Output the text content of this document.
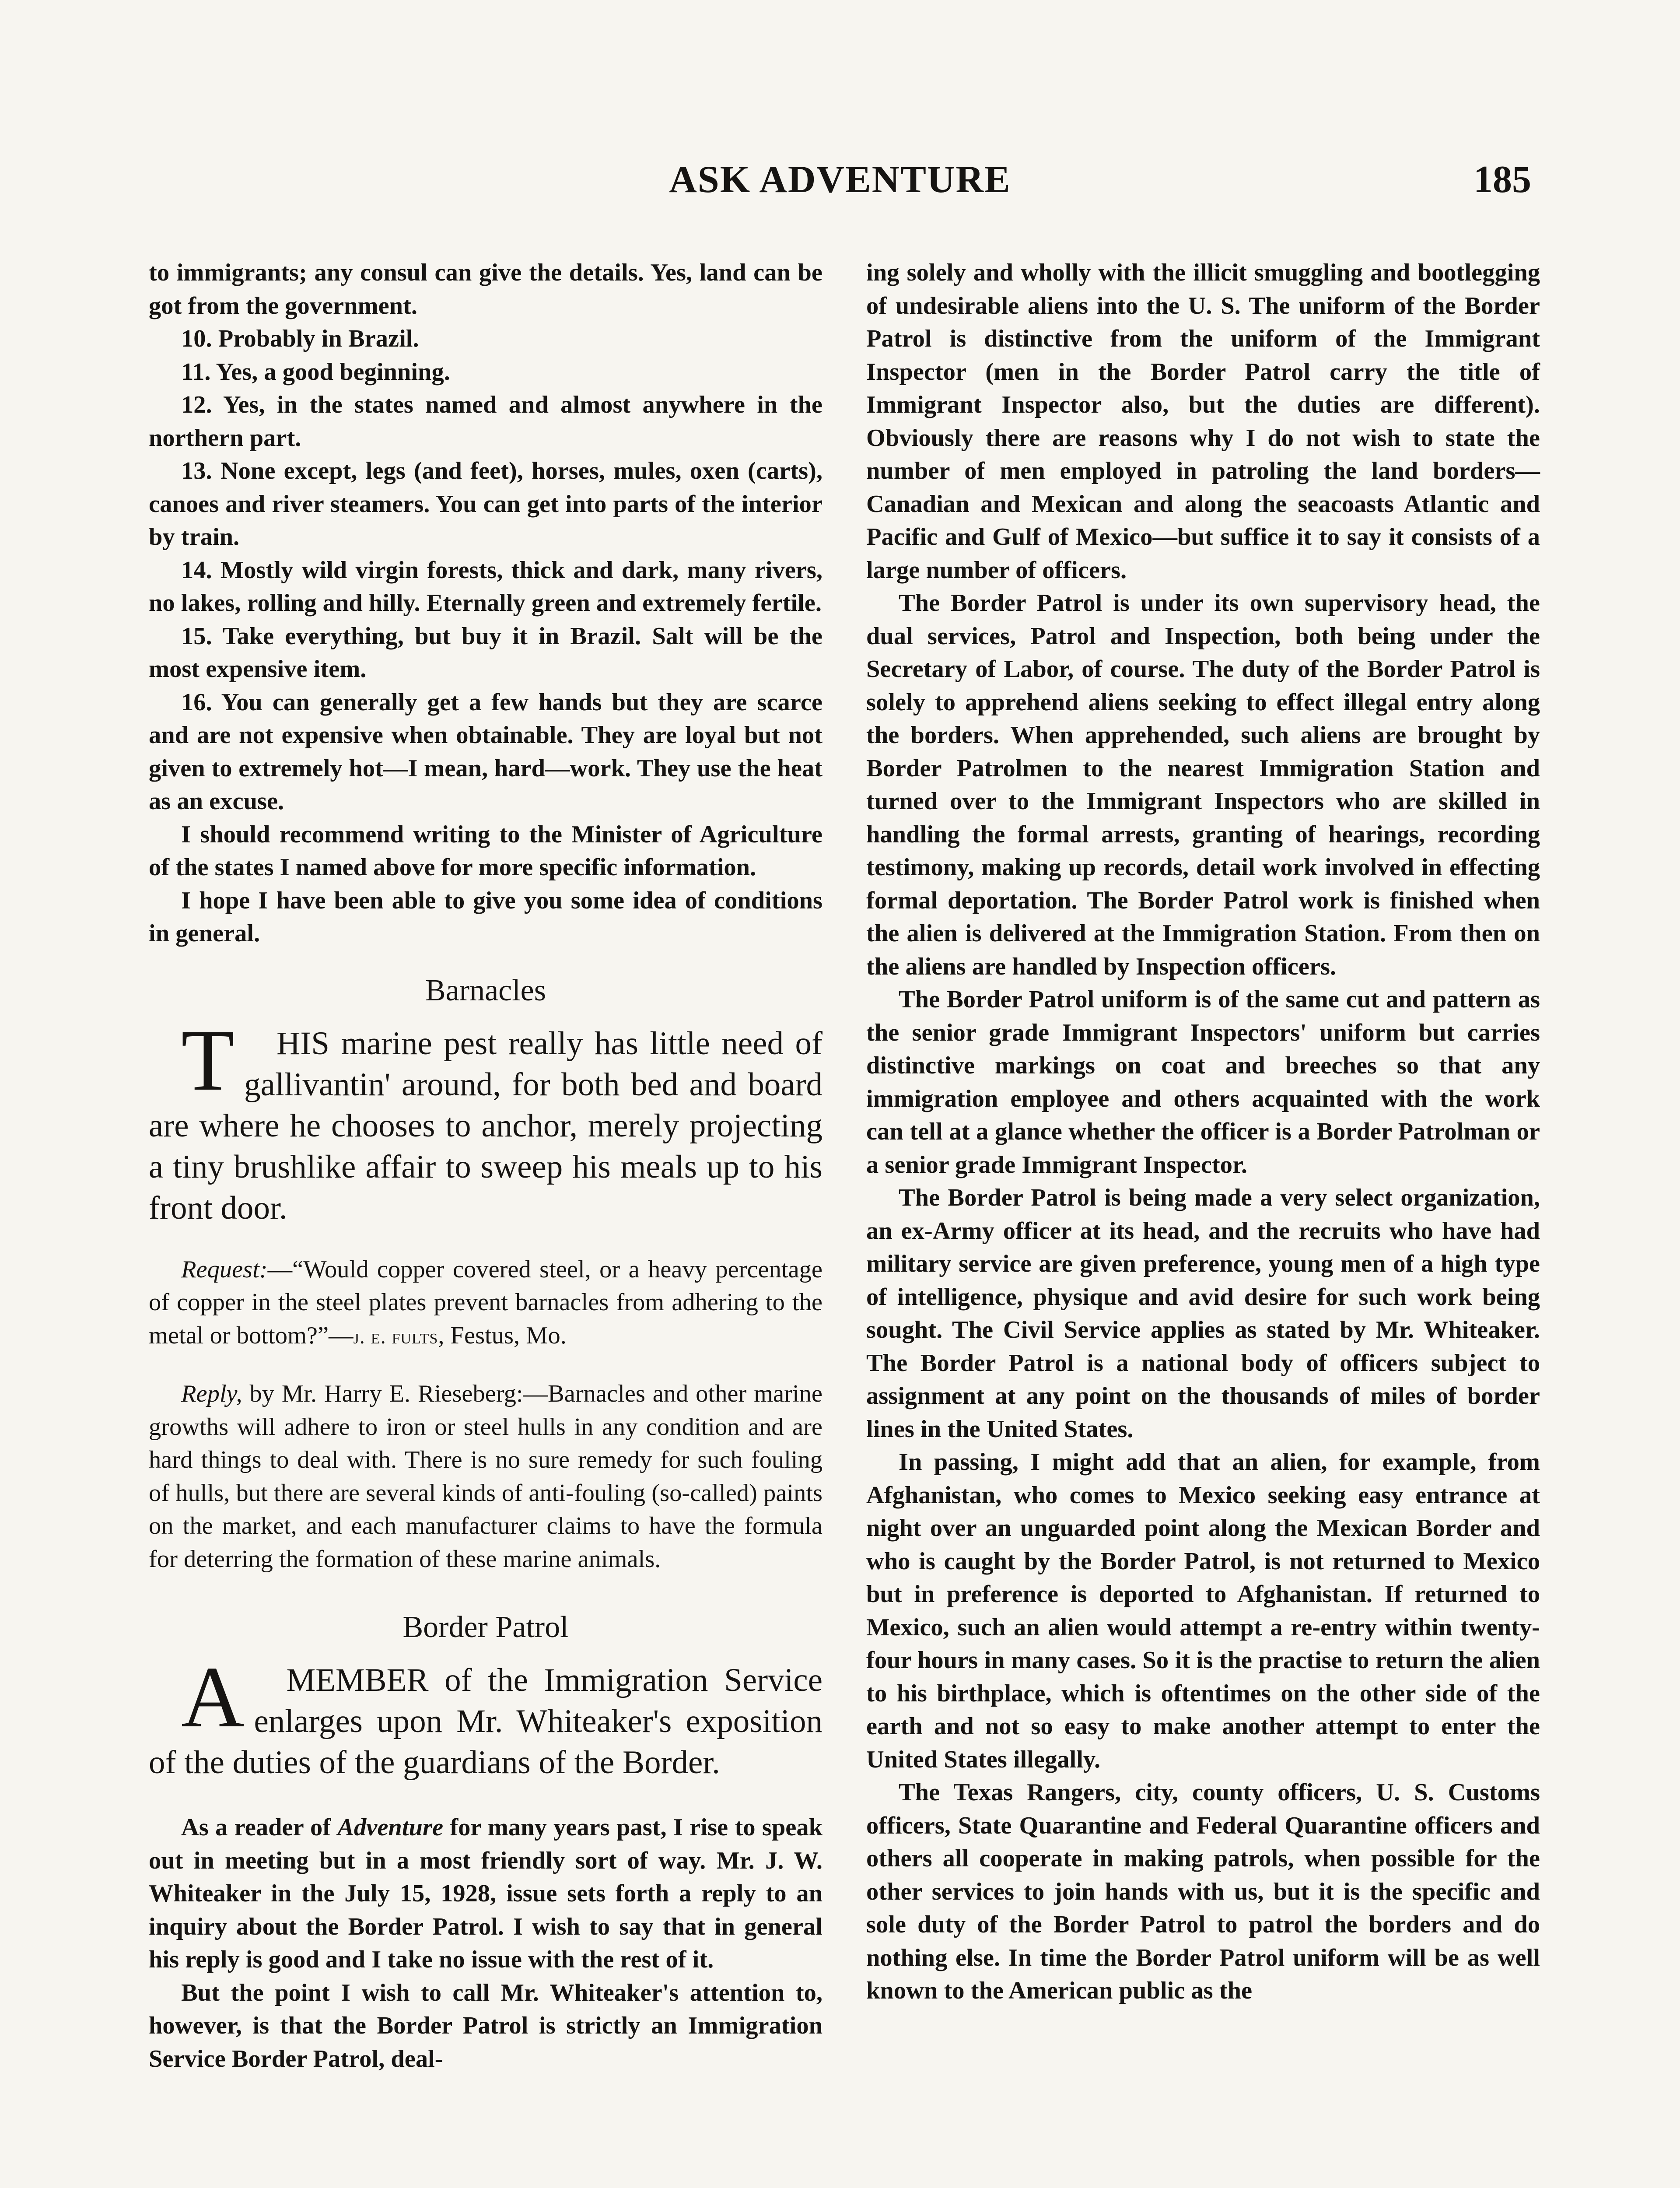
ASK ADVENTURE	185

to immigrants; any consul can give the details. Yes, land can be got from the government.

10. Probably in Brazil.

11. Yes, a good beginning.

12. Yes, in the states named and almost anywhere in the northern part.

13. None except, legs (and feet), horses, mules, oxen (carts), canoes and river steamers. You can get into parts of the interior by train.

14. Mostly wild virgin forests, thick and dark, many rivers, no lakes, rolling and hilly. Eternally green and extremely fertile.

15. Take everything, but buy it in Brazil. Salt will be the most expensive item.

16. You can generally get a few hands but they are scarce and are not expensive when obtainable. They are loyal but not given to extremely hot—I mean, hard—work. They use the heat as an excuse.

I should recommend writing to the Minister of Agriculture of the states I named above for more specific information.

I hope I have been able to give you some idea of conditions in general.

Barnacles

T HIS marine pest really has little need of gallivantin' around, for both bed and board are where he chooses to anchor, merely projecting a tiny brushlike affair to sweep his meals up to his front door.

Request:—“Would copper covered steel, or a heavy percentage of copper in the steel plates prevent barnacles from adhering to the metal or bottom?”—j. e. fults, Festus, Mo.

Reply, by Mr. Harry E. Rieseberg:—Barnacles and other marine growths will adhere to iron or steel hulls in any condition and are hard things to deal with. There is no sure remedy for such fouling of hulls, but there are several kinds of anti-fouling (so-called) paints on the market, and each manufacturer claims to have the formula for deterring the formation of these marine animals.

Border Patrol

A MEMBER of the Immigration Service enlarges upon Mr. Whiteaker's exposition of the duties of the guardians of the Border.

As a reader of Adventure for many years past, I rise to speak out in meeting but in a most friendly sort of way. Mr. J. W. Whiteaker in the July 15, 1928, issue sets forth a reply to an inquiry about the Border Patrol. I wish to say that in general his reply is good and I take no issue with the rest of it.

But the point I wish to call Mr. Whiteaker's attention to, however, is that the Border Patrol is strictly an Immigration Service Border Patrol, deal-

ing solely and wholly with the illicit smuggling and bootlegging of undesirable aliens into the U. S. The uniform of the Border Patrol is distinctive from the uniform of the Immigrant Inspector (men in the Border Patrol carry the title of Immigrant Inspector also, but the duties are different). Obviously there are reasons why I do not wish to state the number of men employed in patroling the land borders—Canadian and Mexican and along the seacoasts Atlantic and Pacific and Gulf of Mexico—but suffice it to say it consists of a large number of officers.

The Border Patrol is under its own supervisory head, the dual services, Patrol and Inspection, both being under the Secretary of Labor, of course. The duty of the Border Patrol is solely to apprehend aliens seeking to effect illegal entry along the borders. When apprehended, such aliens are brought by Border Patrolmen to the nearest Immigration Station and turned over to the Immigrant Inspectors who are skilled in handling the formal arrests, granting of hearings, recording testimony, making up records, detail work involved in effecting formal deportation. The Border Patrol work is finished when the alien is delivered at the Immigration Station. From then on the aliens are handled by Inspection officers.

The Border Patrol uniform is of the same cut and pattern as the senior grade Immigrant Inspectors' uniform but carries distinctive markings on coat and breeches so that any immigration employee and others acquainted with the work can tell at a glance whether the officer is a Border Patrolman or a senior grade Immigrant Inspector.

The Border Patrol is being made a very select organization, an ex-Army officer at its head, and the recruits who have had military service are given preference, young men of a high type of intelligence, physique and avid desire for such work being sought. The Civil Service applies as stated by Mr. Whiteaker. The Border Patrol is a national body of officers subject to assignment at any point on the thousands of miles of border lines in the United States.

In passing, I might add that an alien, for example, from Afghanistan, who comes to Mexico seeking easy entrance at night over an unguarded point along the Mexican Border and who is caught by the Border Patrol, is not returned to Mexico but in preference is deported to Afghanistan. If returned to Mexico, such an alien would attempt a re-entry within twenty-four hours in many cases. So it is the practise to return the alien to his birthplace, which is oftentimes on the other side of the earth and not so easy to make another attempt to enter the United States illegally.

The Texas Rangers, city, county officers, U. S. Customs officers, State Quarantine and Federal Quarantine officers and others all cooperate in making patrols, when possible for the other services to join hands with us, but it is the specific and sole duty of the Border Patrol to patrol the borders and do nothing else. In time the Border Patrol uniform will be as well known to the American public as the
